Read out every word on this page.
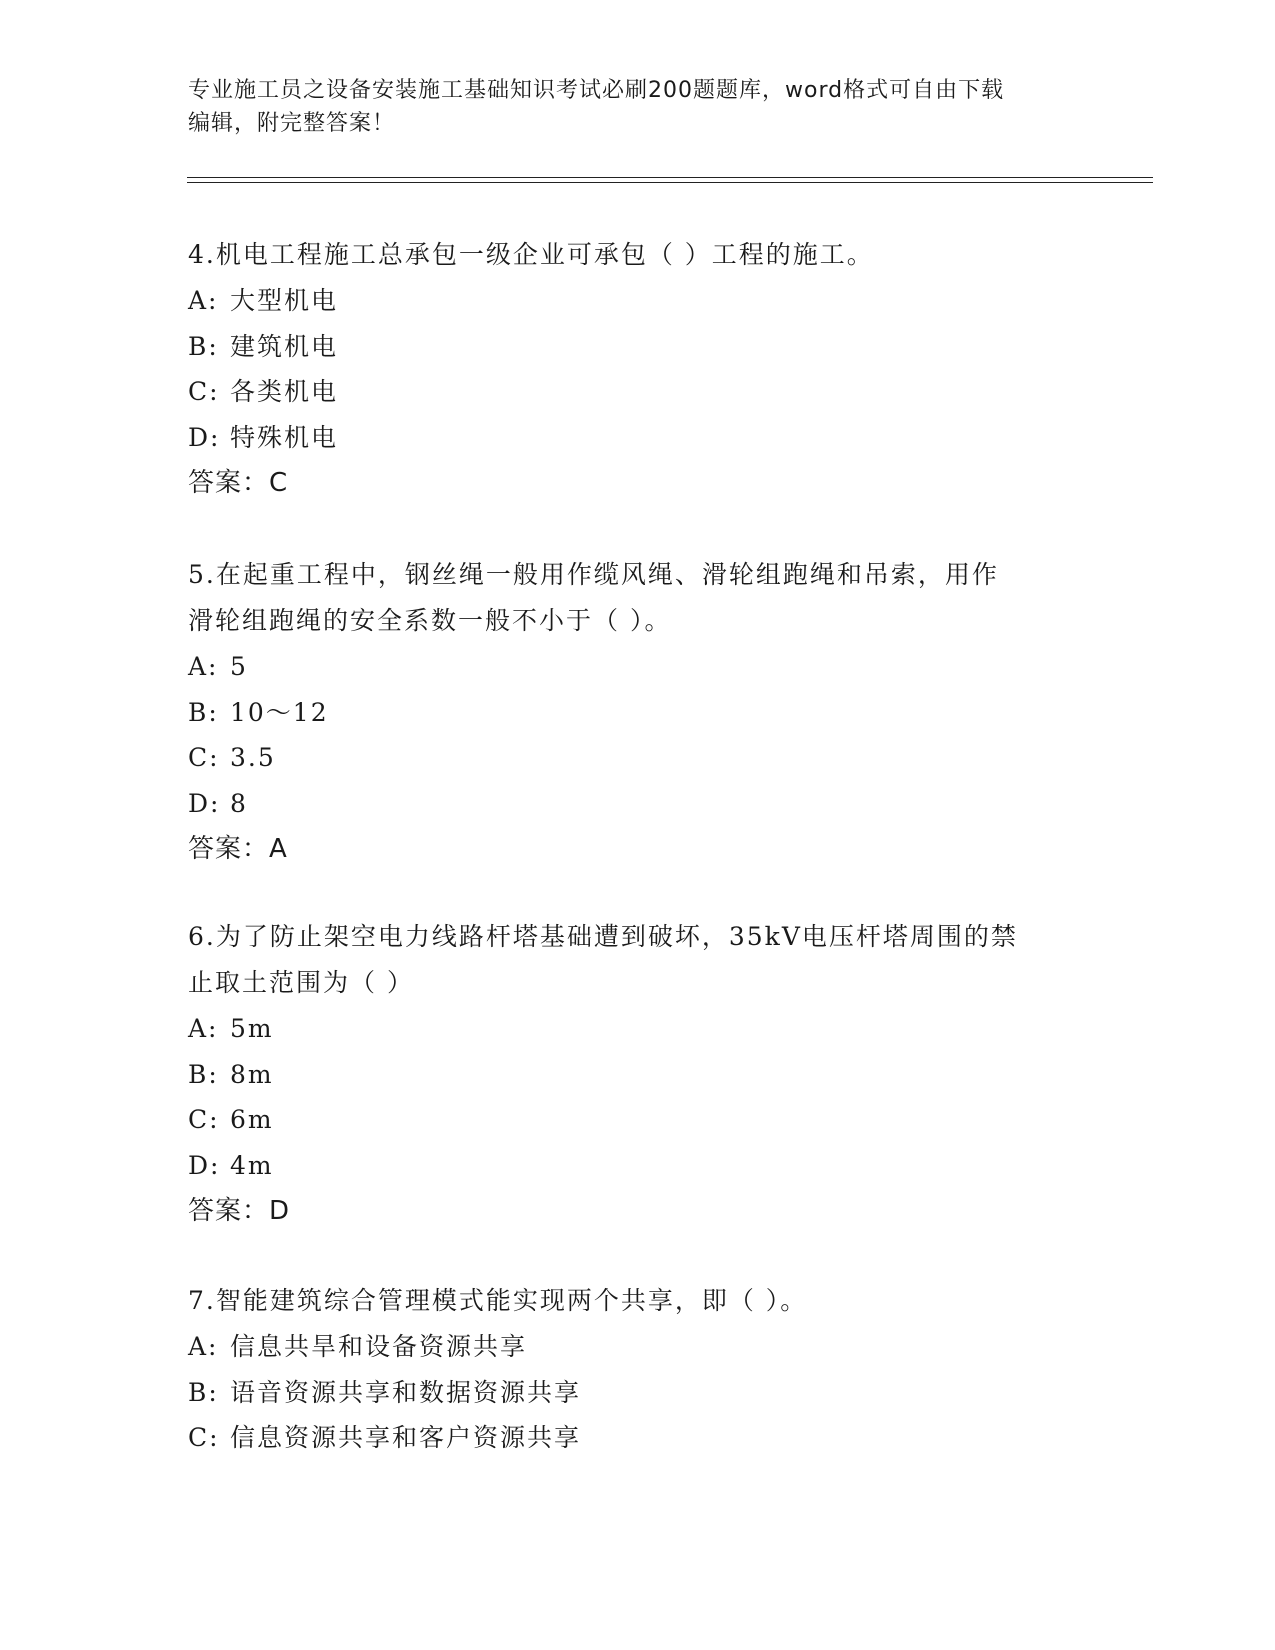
专业施工员之设备安装施工基础知识考试必刷200题题库，word格式可自由下载
编辑，附完整答案！

4.机电工程施工总承包一级企业可承包（ ）工程的施工。

A: 大型机电

B: 建筑机电

C: 各类机电

D: 特殊机电

答案：C

5.在起重工程中，钢丝绳一般用作缆风绳、滑轮组跑绳和吊索，用作

滑轮组跑绳的安全系数一般不小于（ ）。

A: 5

B: 10～12

C: 3.5

D: 8

答案：A

6.为了防止架空电力线路杆塔基础遭到破坏，35kV电压杆塔周围的禁

止取土范围为（ ）

A: 5m

B: 8m

C: 6m

D: 4m

答案：D

7.智能建筑综合管理模式能实现两个共享，即（ ）。

A: 信息共旱和设备资源共享

B: 语音资源共享和数据资源共享

C: 信息资源共享和客户资源共享
